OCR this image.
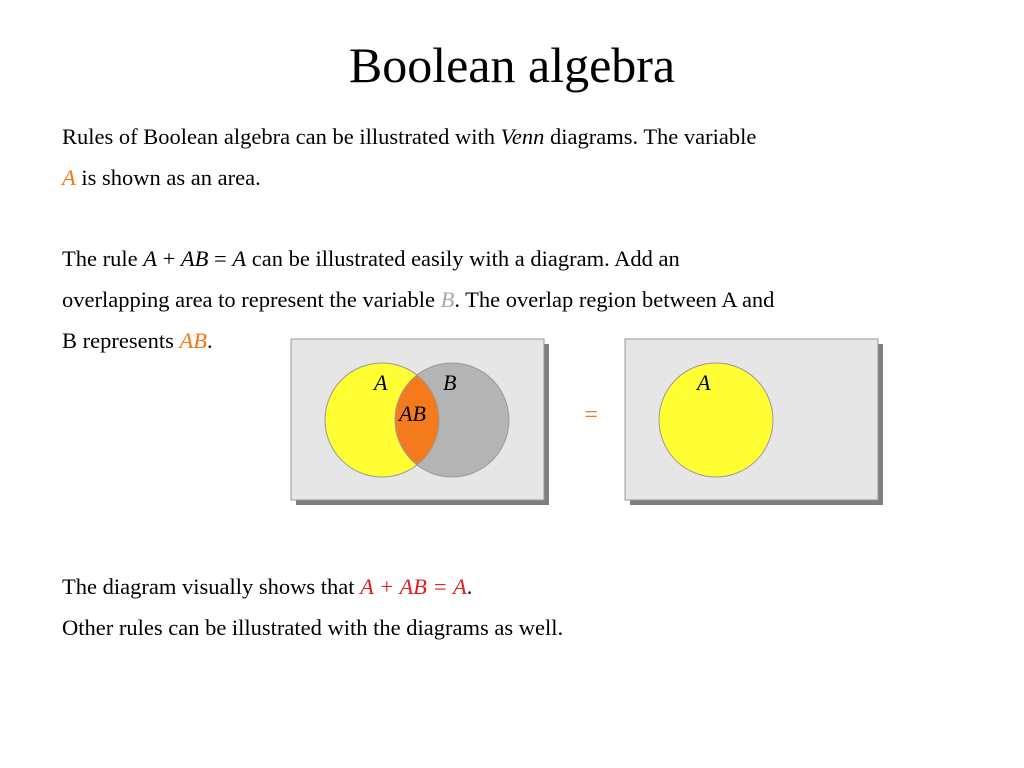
Boolean algebra
Rules of Boolean algebra can be illustrated with Venn diagrams. The variable
A is shown as an area.
The rule A + AB = A can be illustrated easily with a diagram. Add an
overlapping area to represent the variable B. The overlap region between A and
B represents AB.
A	B
AB	=
A
The diagram visually shows that A + AB = A.
Other rules can be illustrated with the diagrams as well.
